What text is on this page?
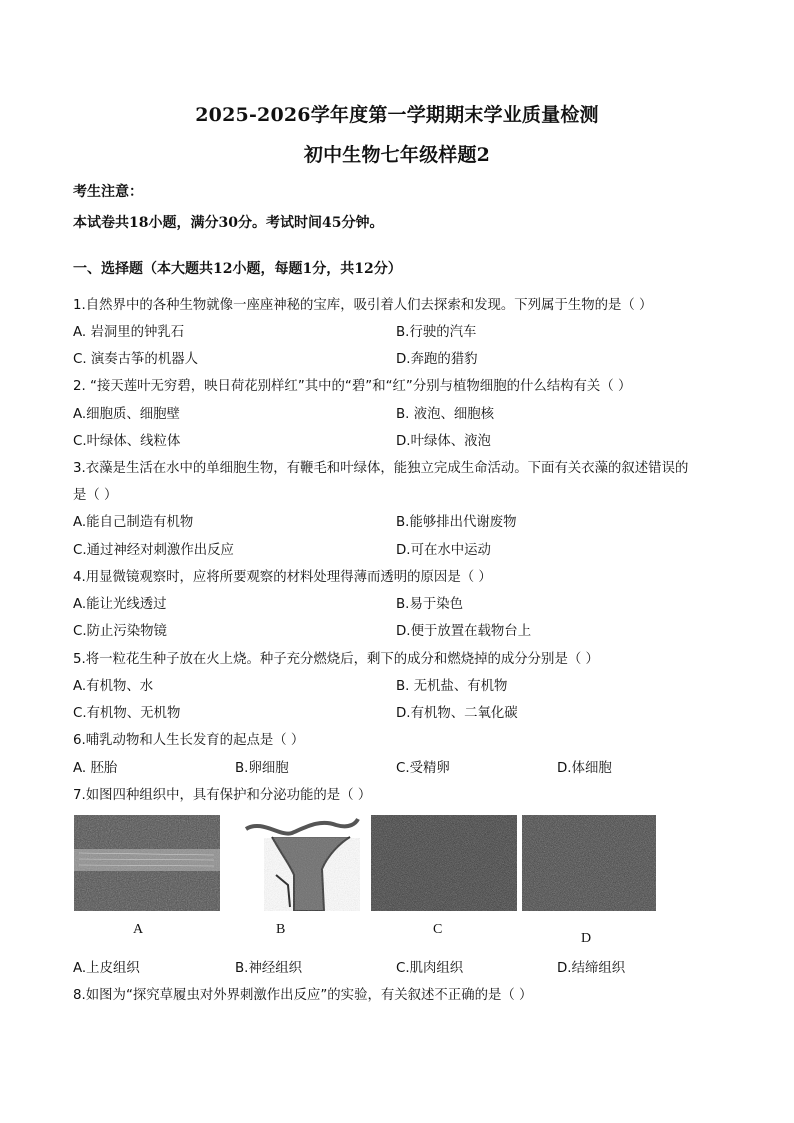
2025-2026学年度第一学期期末学业质量检测
初中生物七年级样题2
考生注意：
本试卷共18小题，满分30分。考试时间45分钟。
一、选择题（本大题共12小题，每题1分，共12分）
1.自然界中的各种生物就像一座座神秘的宝库，吸引着人们去探索和发现。下列属于生物的是（ ）
A. 岩洞里的钟乳石	B.行驶的汽车
C. 演奏古筝的机器人	D.奔跑的猎豹
2. “接天莲叶无穷碧，映日荷花别样红”其中的“碧”和“红”分别与植物细胞的什么结构有关（ ）
A.细胞质、细胞壁	B. 液泡、细胞核
C.叶绿体、线粒体	D.叶绿体、液泡
3.衣藻是生活在水中的单细胞生物，有鞭毛和叶绿体，能独立完成生命活动。下面有关衣藻的叙述错误的
是（ ）
A.能自己制造有机物	B.能够排出代谢废物
C.通过神经对刺激作出反应	D.可在水中运动
4.用显微镜观察时，应将所要观察的材料处理得薄而透明的原因是（ ）
A.能让光线透过	B.易于染色
C.防止污染物镜	D.便于放置在载物台上
5.将一粒花生种子放在火上烧。种子充分燃烧后，剩下的成分和燃烧掉的成分分别是（ ）
A.有机物、水	B. 无机盐、有机物
C.有机物、无机物	D.有机物、二氧化碳
6.哺乳动物和人生长发育的起点是（ ）
A. 胚胎	B.卵细胞	C.受精卵	D.体细胞
7.如图四种组织中，具有保护和分泌功能的是（ ）
A	B	C
D
A.上皮组织	B.神经组织	C.肌肉组织	D.结缔组织
8.如图为“探究草履虫对外界刺激作出反应”的实验，有关叙述不正确的是（ ）
